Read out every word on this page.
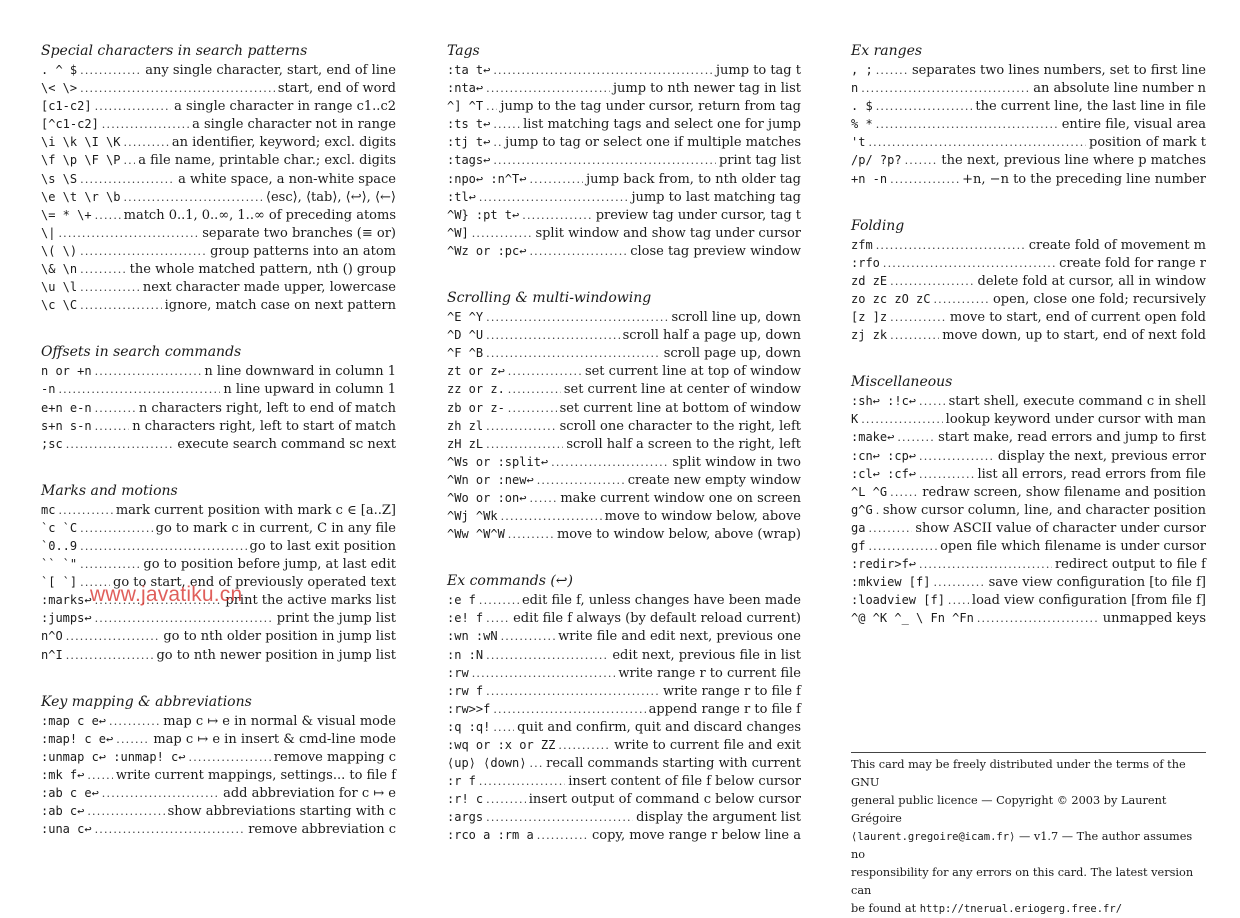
Special characters in search patterns
. ^ $ .....	any single character, start, end of line
\< \> .....	start, end of word
[c1-c2] .....	a single character in range c1..c2
[^c1-c2] .....	a single character not in range
\i \k \I \K .....	an identifier, keyword; excl. digits
\f \p \F \P ..... a file name, printable char.; excl. digits
\s \S .....	a white space, a non-white space
\e \t \r \b .....	⟨esc⟩, ⟨tab⟩, ⟨↩⟩, ⟨←⟩
\= * \+ ..... match 0..1, 0..∞, 1..∞ of preceding atoms
\| .....	separate two branches (≡ or)
\( \) .....	group patterns into an atom
\& \n .....	the whole matched pattern, nth () group
\u \l .....	next character made upper, lowercase
\c \C .....	ignore, match case on next pattern
Offsets in search commands
n or +n .....	n line downward in column 1
-n .....	n line upward in column 1
e+n e-n .....	n characters right, left to end of match
s+n s-n .....	n characters right, left to start of match
;sc .....	execute search command sc next
Marks and motions
mc .....	mark current position with mark c ∈ [a..Z]
`c `C .....	go to mark c in current, C in any file
`0..9 .....	go to last exit position
`` `" .....	go to position before jump, at last edit
`[ `] .....	go to start, end of previously operated text
:marks↩ .....	print the active marks list
:jumps↩ .....	print the jump list
n^O .....	go to nth older position in jump list
n^I .....	go to nth newer position in jump list
Key mapping & abbreviations
:map c e↩ .....	map c ↦ e in normal & visual mode
:map! c e↩ .....	map c ↦ e in insert & cmd-line mode
:unmap c↩ :unmap! c↩ .....	remove mapping c
:mk f↩ ..... write current mappings, settings... to file f
:ab c e↩ .....	add abbreviation for c ↦ e
:ab c↩ .....	show abbreviations starting with c
:una c↩ .....	remove abbreviation c
Tags
:ta t↩ .....	jump to tag t
:nta↩ .....	jump to nth newer tag in list
^] ^T ..... jump to the tag under cursor, return from tag
:ts t↩ .....	list matching tags and select one for jump
:tj t↩ ..... jump to tag or select one if multiple matches
:tags↩ .....	print tag list
:npo↩ :n^T↩ .....	jump back from, to nth older tag
:tl↩ .....	jump to last matching tag
^W} :pt t↩ .....	preview tag under cursor, tag t
^W] .....	split window and show tag under cursor
^Wz or :pc↩ .....	close tag preview window
Scrolling & multi-windowing
^E ^Y .....	scroll line up, down
^D ^U .....	scroll half a page up, down
^F ^B .....	scroll page up, down
zt or z↩ .....	set current line at top of window
zz or z. .....	set current line at center of window
zb or z- .....	set current line at bottom of window
zh zl .....	scroll one character to the right, left
zH zL .....	scroll half a screen to the right, left
^Ws or :split↩ .....	split window in two
^Wn or :new↩ .....	create new empty window
^Wo or :on↩ .....	make current window one on screen
^Wj ^Wk .....	move to window below, above
^Ww ^W^W .....	move to window below, above (wrap)
Ex commands (↩)
:e f .....	edit file f, unless changes have been made
:e! f ..... edit file f always (by default reload current)
:wn :wN .....	write file and edit next, previous one
:n :N .....	edit next, previous file in list
:rw .....	write range r to current file
:rw f .....	write range r to file f
:rw>>f .....	append range r to file f
:q :q! ..... quit and confirm, quit and discard changes
:wq or :x or ZZ .....	write to current file and exit
⟨up⟩ ⟨down⟩ ..... recall commands starting with current
:r f .....	insert content of file f below cursor
:r! c .....	insert output of command c below cursor
:args .....	display the argument list
:rco a :rm a .....	copy, move range r below line a
Ex ranges
, ; .....	separates two lines numbers, set to first line
n .....	an absolute line number n
. $ .....	the current line, the last line in file
% * .....	entire file, visual area
't .....	position of mark t
/p/ ?p? .....	the next, previous line where p matches
+n -n .....	+n, −n to the preceding line number
Folding
zfm .....	create fold of movement m
:rfo .....	create fold for range r
zd zE .....	delete fold at cursor, all in window
zo zc zO zC .....	open, close one fold; recursively
[z ]z .....	move to start, end of current open fold
zj zk .....	move down, up to start, end of next fold
Miscellaneous
:sh↩ :!c↩ .....	start shell, execute command c in shell
K .....	lookup keyword under cursor with man
:make↩ .....	start make, read errors and jump to first
:cn↩ :cp↩ .....	display the next, previous error
:cl↩ :cf↩ .....	list all errors, read errors from file
^L ^G .....	redraw screen, show filename and position
g^G ..... show cursor column, line, and character position
ga .....	show ASCII value of character under cursor
gf .....	open file which filename is under cursor
:redir>f↩ .....	redirect output to file f
:mkview [f] .....	save view configuration [to file f]
:loadview [f] ..... load view configuration [from file f]
^@ ^K ^_ \ Fn ^Fn .....	unmapped keys
This card may be freely distributed under the terms of the GNU
general public licence — Copyright © 2003 by Laurent Grégoire
⟨laurent.gregoire@icam.fr⟩ — v1.7 — The author assumes no
responsibility for any errors on this card. The latest version can
be found at http://tnerual.eriogerg.free.fr/
www.javatiku.cn
